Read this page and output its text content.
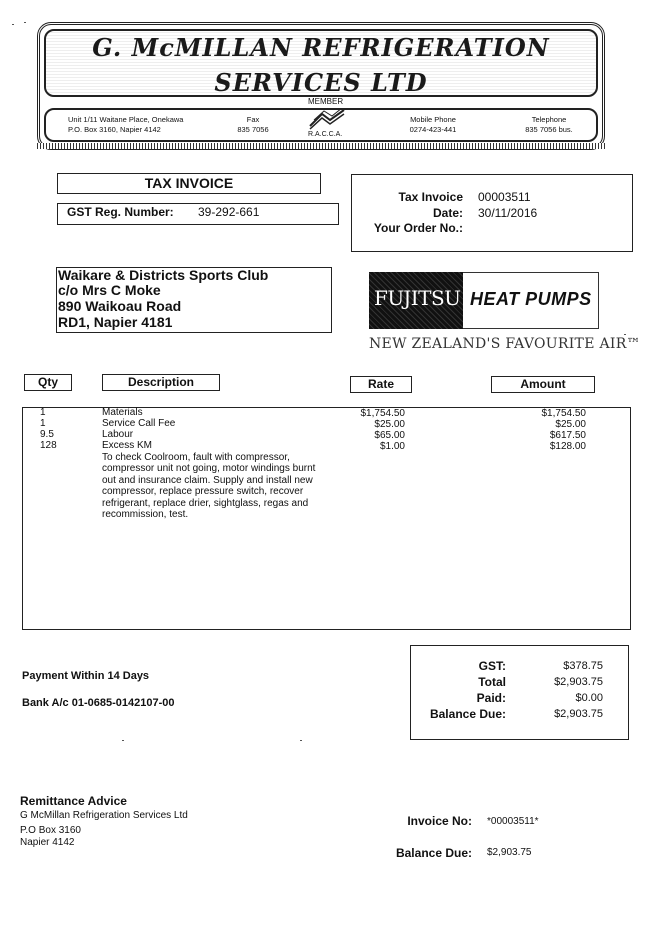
G. McMILLAN REFRIGERATION
SERVICES LTD
MEMBER
R.A.C.C.A.
Unit 1/11 Waitane Place, Onekawa
P.O. Box 3160, Napier 4142
Fax
835 7056
Mobile Phone
0274-423-441
Telephone
835 7056 bus.
TAX INVOICE
GST Reg. Number: 39-292-661
Tax Invoice 00003511
Date: 30/11/2016
Your Order No.:
Waikare & Districts Sports Club
c/o Mrs C Moke
890 Waikoau Road
RD1, Napier 4181
FUJITSU HEAT PUMPS
NEW ZEALAND'S FAVOURITE AIR™
Qty	Description	Rate	Amount
1	Materials	$1,754.50	$1,754.50
1	Service Call Fee	$25.00	$25.00
9.5	Labour	$65.00	$617.50
128	Excess KM	$1.00	$128.00
To check Coolroom, fault with compressor,
compressor unit not going, motor windings burnt
out and insurance claim. Supply and install new
compressor, replace pressure switch, recover
refrigerant, replace drier, sightglass, regas and
recommission, test.
Payment Within 14 Days
Bank A/c 01-0685-0142107-00
GST:	$378.75
Total	$2,903.75
Paid:	$0.00
Balance Due:	$2,903.75
Remittance Advice
G McMillan Refrigeration Services Ltd
P.O Box 3160
Napier 4142
Invoice No: *00003511*
Balance Due: $2,903.75
